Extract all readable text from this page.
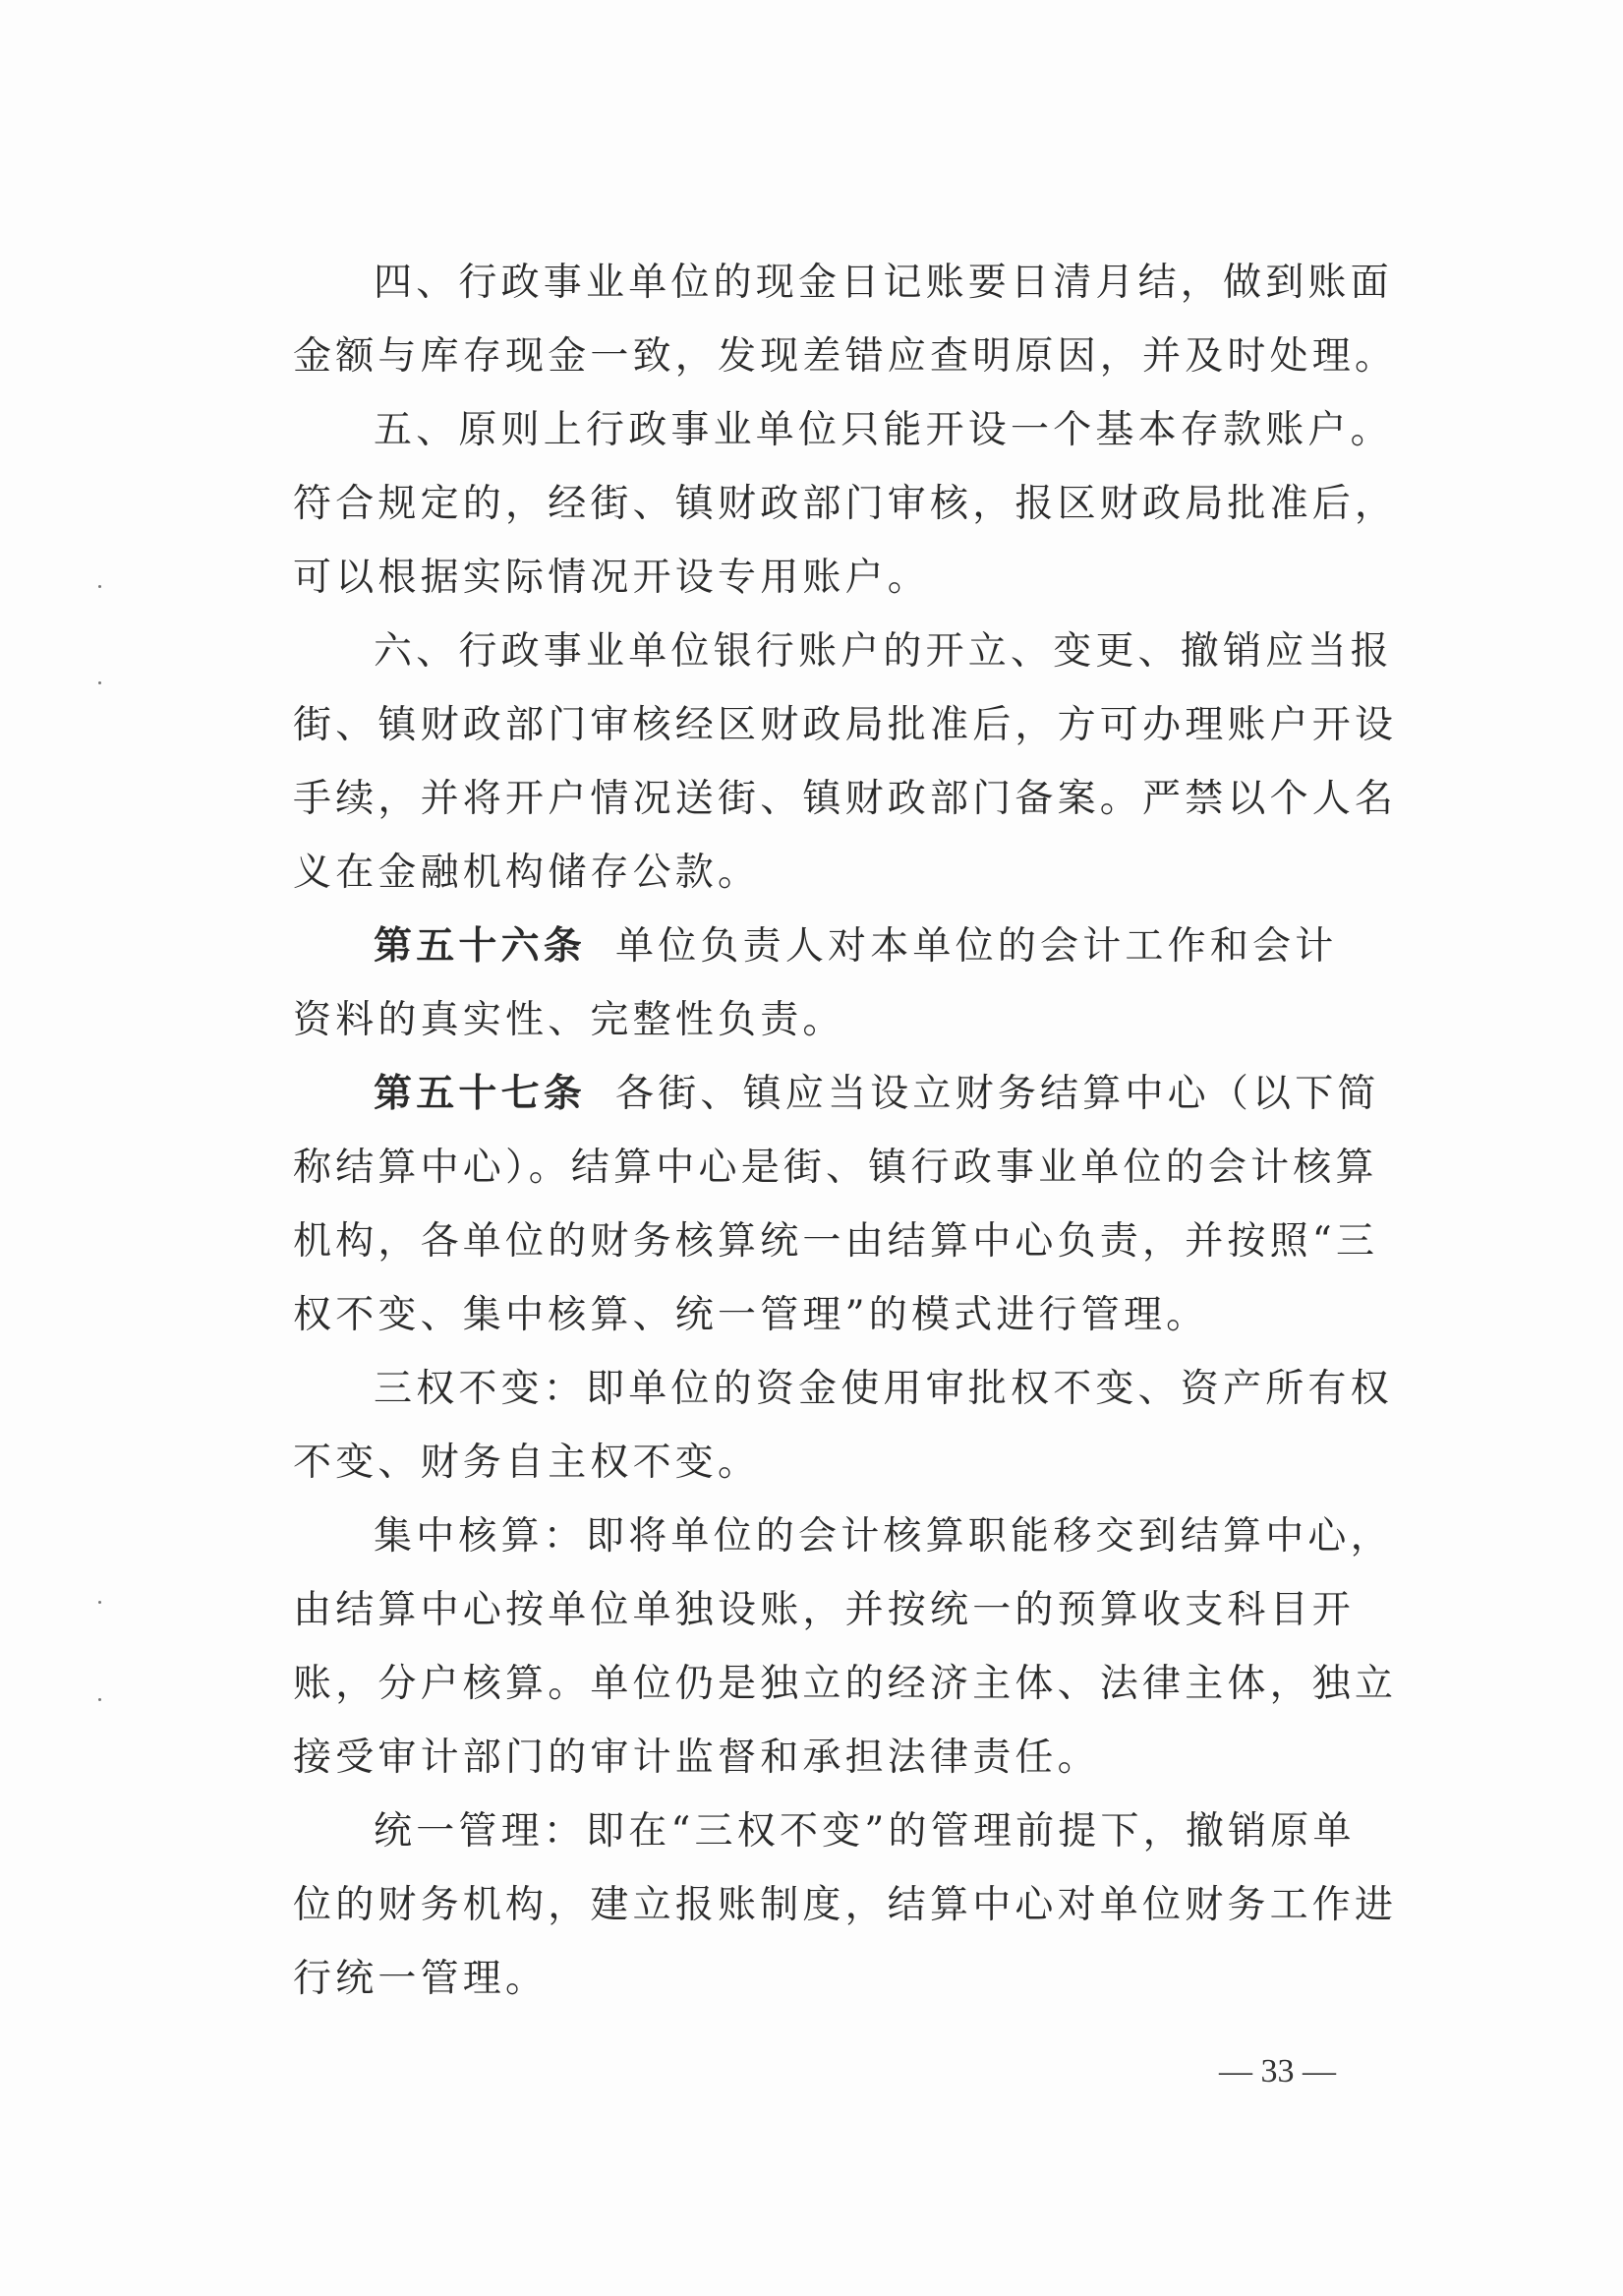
四、行政事业单位的现金日记账要日清月结，做到账面
金额与库存现金一致，发现差错应查明原因，并及时处理。
五、原则上行政事业单位只能开设一个基本存款账户。
符合规定的，经街、镇财政部门审核，报区财政局批准后，
可以根据实际情况开设专用账户。
六、行政事业单位银行账户的开立、变更、撤销应当报
街、镇财政部门审核经区财政局批准后，方可办理账户开设
手续，并将开户情况送街、镇财政部门备案。严禁以个人名
义在金融机构储存公款。
第五十六条 单位负责人对本单位的会计工作和会计
资料的真实性、完整性负责。
第五十七条 各街、镇应当设立财务结算中心（以下简
称结算中心）。结算中心是街、镇行政事业单位的会计核算
机构，各单位的财务核算统一由结算中心负责，并按照“三
权不变、集中核算、统一管理”的模式进行管理。
三权不变：即单位的资金使用审批权不变、资产所有权
不变、财务自主权不变。
集中核算：即将单位的会计核算职能移交到结算中心，
由结算中心按单位单独设账，并按统一的预算收支科目开
账，分户核算。单位仍是独立的经济主体、法律主体，独立
接受审计部门的审计监督和承担法律责任。
统一管理：即在“三权不变”的管理前提下，撤销原单
位的财务机构，建立报账制度，结算中心对单位财务工作进
行统一管理。
— 33 —
